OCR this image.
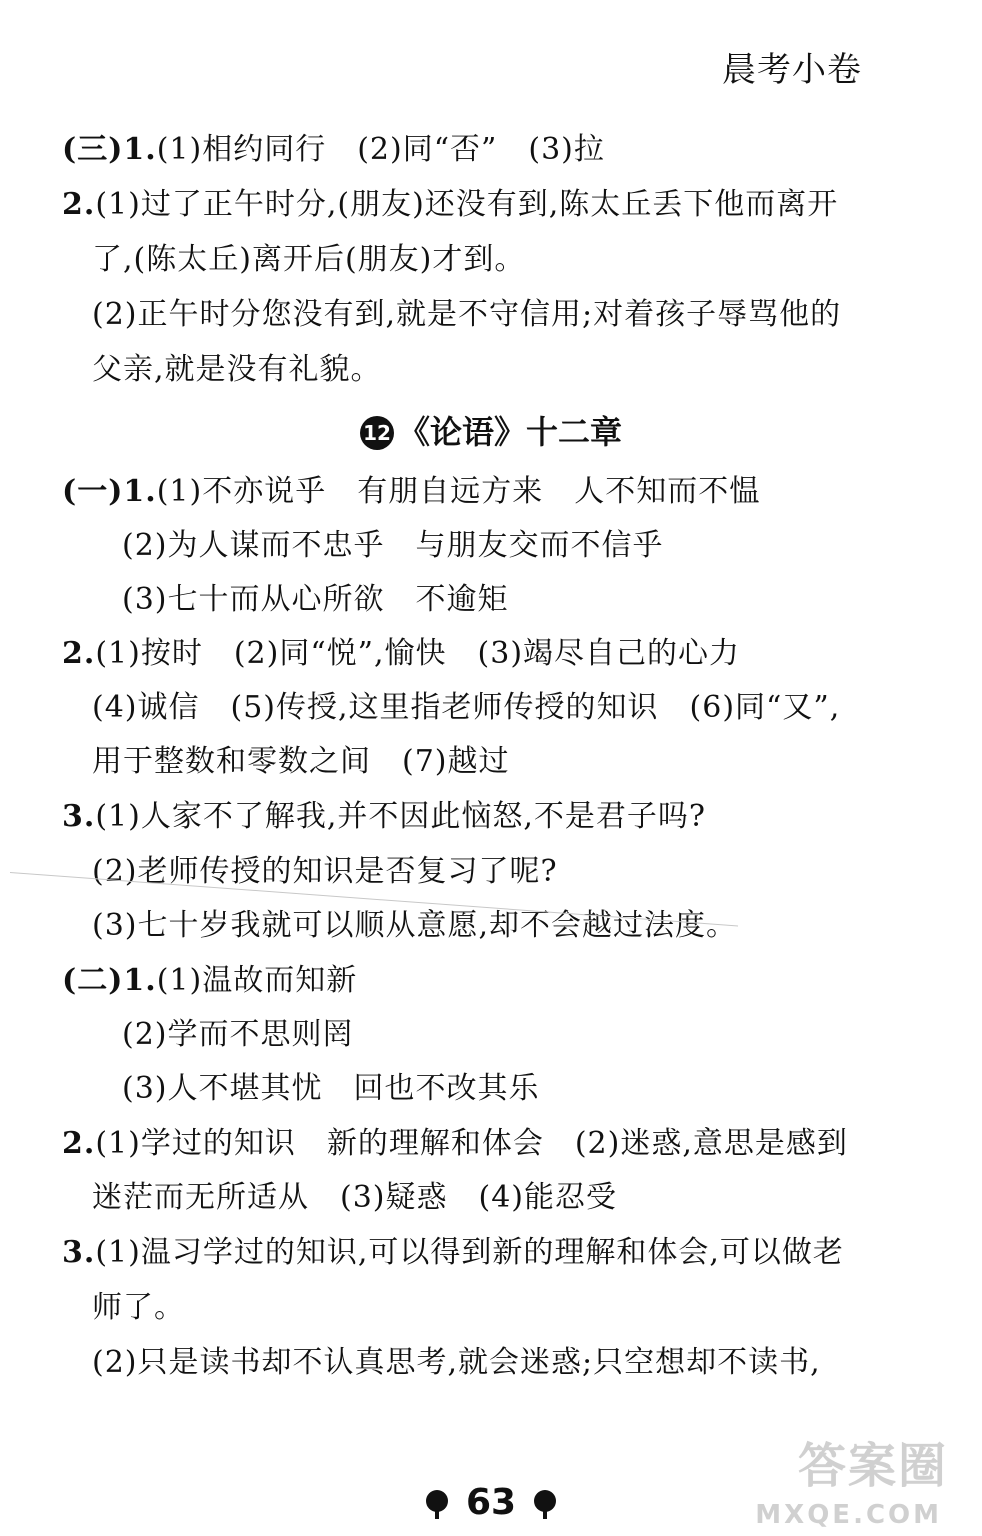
晨考小卷
(三)1.(1)相约同行　(2)同“否”　(3)拉
2.(1)过了正午时分,(朋友)还没有到,陈太丘丢下他而离开
了,(陈太丘)离开后(朋友)才到。
(2)正午时分您没有到,就是不守信用;对着孩子辱骂他的
父亲,就是没有礼貌。
12 《论语》十二章
(一)1.(1)不亦说乎　有朋自远方来　人不知而不愠
(2)为人谋而不忠乎　与朋友交而不信乎
(3)七十而从心所欲　不逾矩
2.(1)按时　(2)同“悦”,愉快　(3)竭尽自己的心力
(4)诚信　(5)传授,这里指老师传授的知识　(6)同“又”,
用于整数和零数之间　(7)越过
3.(1)人家不了解我,并不因此恼怒,不是君子吗?
(2)老师传授的知识是否复习了呢?
(3)七十岁我就可以顺从意愿,却不会越过法度。
(二)1.(1)温故而知新
(2)学而不思则罔
(3)人不堪其忧　回也不改其乐
2.(1)学过的知识　新的理解和体会　(2)迷惑,意思是感到
迷茫而无所适从　(3)疑惑　(4)能忍受
3.(1)温习学过的知识,可以得到新的理解和体会,可以做老
师了。
(2)只是读书却不认真思考,就会迷惑;只空想却不读书,
63
答案圈
MXQE.COM
